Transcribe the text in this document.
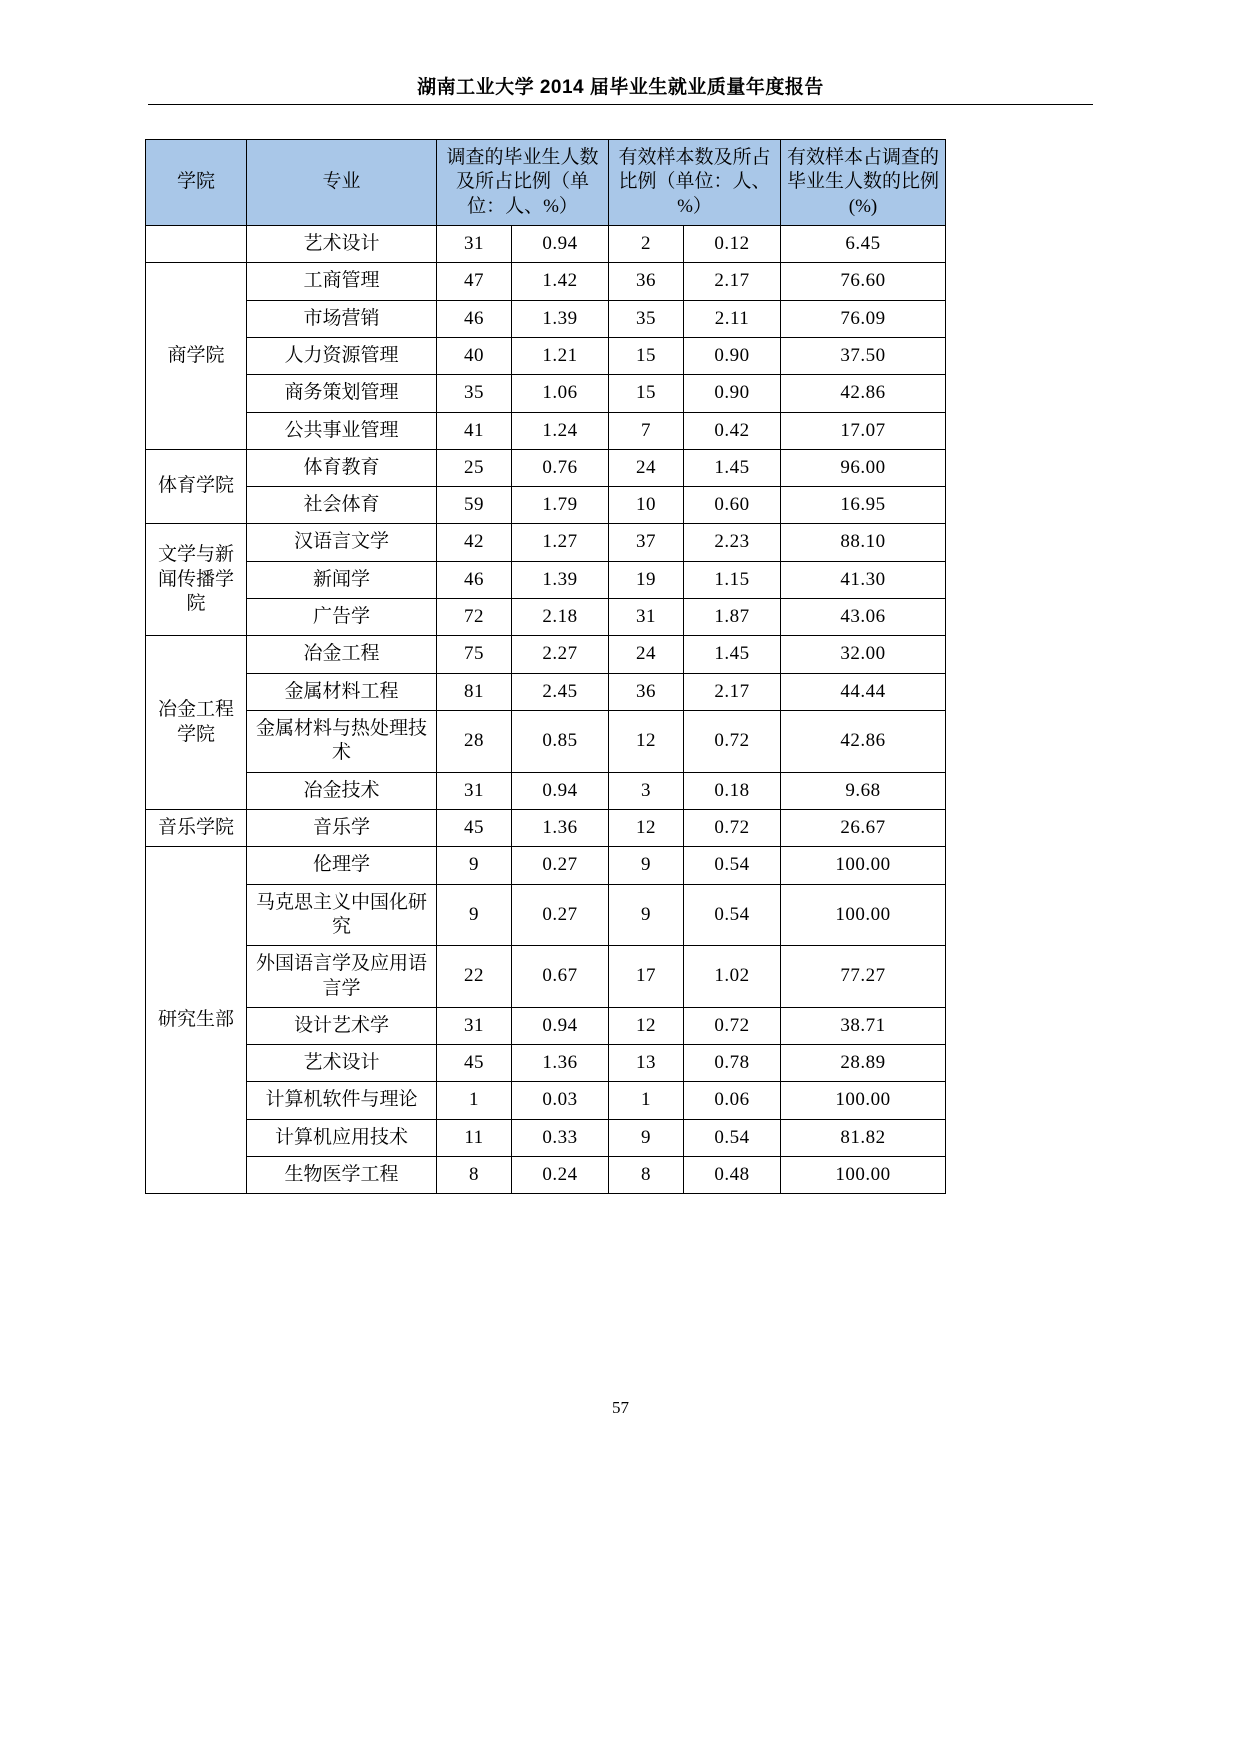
湖南工业大学 2014 届毕业生就业质量年度报告
学院	专业	调查的毕业生人数及所占比例（单位：人、%）		有效样本数及所占比例（单位：人、%）		有效样本占调查的毕业生人数的比例 (%)
	艺术设计	31	0.94	2	0.12	6.45
商学院	工商管理	47	1.42	36	2.17	76.60
	市场营销	46	1.39	35	2.11	76.09
	人力资源管理	40	1.21	15	0.90	37.50
	商务策划管理	35	1.06	15	0.90	42.86
	公共事业管理	41	1.24	7	0.42	17.07
体育学院	体育教育	25	0.76	24	1.45	96.00
	社会体育	59	1.79	10	0.60	16.95
文学与新闻传播学院	汉语言文学	42	1.27	37	2.23	88.10
	新闻学	46	1.39	19	1.15	41.30
	广告学	72	2.18	31	1.87	43.06
冶金工程学院	冶金工程	75	2.27	24	1.45	32.00
	金属材料工程	81	2.45	36	2.17	44.44
	金属材料与热处理技术	28	0.85	12	0.72	42.86
	冶金技术	31	0.94	3	0.18	9.68
音乐学院	音乐学	45	1.36	12	0.72	26.67
研究生部	伦理学	9	0.27	9	0.54	100.00
	马克思主义中国化研究	9	0.27	9	0.54	100.00
	外国语言学及应用语言学	22	0.67	17	1.02	77.27
	设计艺术学	31	0.94	12	0.72	38.71
	艺术设计	45	1.36	13	0.78	28.89
	计算机软件与理论	1	0.03	1	0.06	100.00
	计算机应用技术	11	0.33	9	0.54	81.82
	生物医学工程	8	0.24	8	0.48	100.00
57
